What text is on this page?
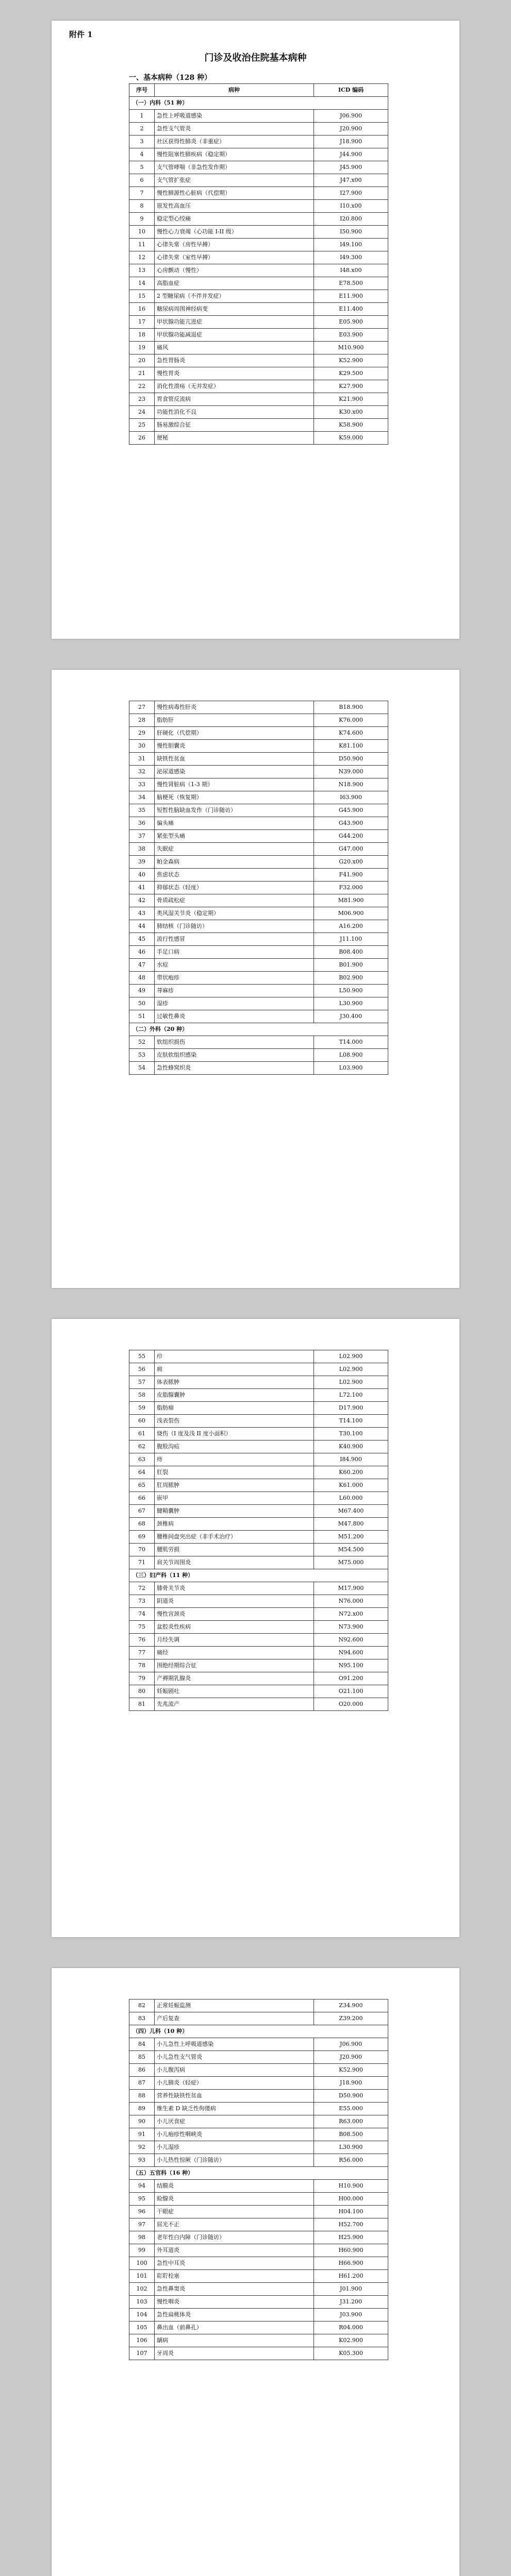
附件 1
门诊及收治住院基本病种
一、基本病种（128 种）
序号	病种	ICD 编码
（一）内科（51 种）		
1	急性上呼吸道感染	J06.900
2	急性支气管炎	J20.900
3	社区获得性肺炎（非重症）	J18.900
4	慢性阻塞性肺疾病（稳定期）	J44.900
5	支气管哮喘（非急性发作期）	J45.900
6	支气管扩张症	J47.x00
7	慢性肺源性心脏病（代偿期）	I27.900
8	原发性高血压	I10.x00
9	稳定型心绞痛	I20.800
10	慢性心力衰竭（心功能 I-II 级）	I50.900
11	心律失常（房性早搏）	I49.100
12	心律失常（室性早搏）	I49.300
13	心房颤动（慢性）	I48.x00
14	高脂血症	E78.500
15	2 型糖尿病（不伴并发症）	E11.900
16	糖尿病周围神经病变	E11.400
17	甲状腺功能亢进症	E05.900
18	甲状腺功能减退症	E03.900
19	痛风	M10.900
20	急性胃肠炎	K52.900
21	慢性胃炎	K29.500
22	消化性溃疡（无并发症）	K27.900
23	胃食管反流病	K21.900
24	功能性消化不良	K30.x00
25	肠易激综合征	K58.900
26	便秘	K59.000
27	慢性病毒性肝炎	B18.900
28	脂肪肝	K76.000
29	肝硬化（代偿期）	K74.600
30	慢性胆囊炎	K81.100
31	缺铁性贫血	D50.900
32	泌尿道感染	N39.000
33	慢性肾脏病（1-3 期）	N18.900
34	脑梗死（恢复期）	I63.900
35	短暂性脑缺血发作（门诊随访）	G45.900
36	偏头痛	G43.900
37	紧张型头痛	G44.200
38	失眠症	G47.000
39	帕金森病	G20.x00
40	焦虑状态	F41.900
41	抑郁状态（轻度）	F32.000
42	骨质疏松症	M81.900
43	类风湿关节炎（稳定期）	M06.900
44	肺结核（门诊随访）	A16.200
45	流行性感冒	J11.100
46	手足口病	B08.400
47	水痘	B01.900
48	带状疱疹	B02.900
49	荨麻疹	L50.900
50	湿疹	L30.900
51	过敏性鼻炎	J30.400
（二）外科（20 种）		
52	软组织损伤	T14.000
53	皮肤软组织感染	L08.900
54	急性蜂窝织炎	L03.900
55	疖	L02.900
56	痈	L02.900
57	体表脓肿	L02.900
58	皮脂腺囊肿	L72.100
59	脂肪瘤	D17.900
60	浅表裂伤	T14.100
61	烧伤（I 度及浅 II 度小面积）	T30.100
62	腹股沟疝	K40.900
63	痔	I84.900
64	肛裂	K60.200
65	肛周脓肿	K61.000
66	嵌甲	L60.000
67	腱鞘囊肿	M67.400
68	颈椎病	M47.800
69	腰椎间盘突出症（非手术治疗）	M51.200
70	腰肌劳损	M54.500
71	肩关节周围炎	M75.000
（三）妇产科（11 种）		
72	膝骨关节炎	M17.900
73	阴道炎	N76.000
74	慢性宫颈炎	N72.x00
75	盆腔炎性疾病	N73.900
76	月经失调	N92.600
77	痛经	N94.600
78	围绝经期综合征	N95.100
79	产褥期乳腺炎	O91.200
80	妊娠剧吐	O21.100
81	先兆流产	O20.000
82	正常妊娠监测	Z34.900
83	产后复查	Z39.200
（四）儿科（10 种）		
84	小儿急性上呼吸道感染	J06.900
85	小儿急性支气管炎	J20.900
86	小儿腹泻病	K52.900
87	小儿肺炎（轻症）	J18.900
88	营养性缺铁性贫血	D50.900
89	维生素 D 缺乏性佝偻病	E55.000
90	小儿厌食症	R63.000
91	小儿疱疹性咽峡炎	B08.500
92	小儿湿疹	L30.900
93	小儿热性惊厥（门诊随访）	R56.000
（五）五官科（16 种）		
94	结膜炎	H10.900
95	睑腺炎	H00.000
96	干眼症	H04.100
97	屈光不正	H52.700
98	老年性白内障（门诊随访）	H25.900
99	外耳道炎	H60.900
100	急性中耳炎	H66.900
101	耵聍栓塞	H61.200
102	急性鼻窦炎	J01.900
103	慢性咽炎	J31.200
104	急性扁桃体炎	J03.900
105	鼻出血（前鼻孔）	R04.000
106	龋病	K02.900
107	牙周炎	K05.300
